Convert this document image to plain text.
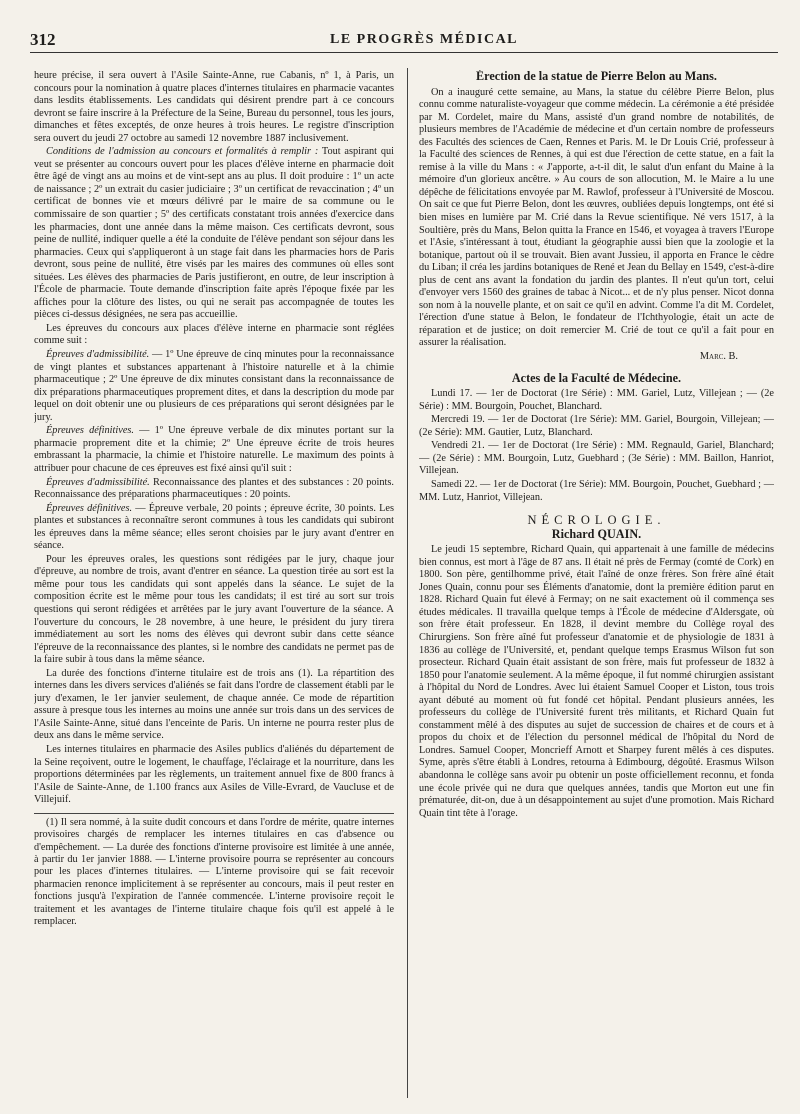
312	LE PROGRÈS MÉDICAL

heure précise, il sera ouvert à l'Asile Sainte-Anne, rue Cabanis, nº 1, à Paris, un concours pour la nomination à quatre places d'internes titulaires en pharmacie vacantes dans lesdits établissements. Les candidats qui désirent prendre part à ce concours devront se faire inscrire à la Préfecture de la Seine, Bureau du personnel, tous les jours, dimanches et fêtes exceptés, de onze heures à trois heures. Le registre d'inscription sera ouvert du jeudi 27 octobre au samedi 12 novembre 1887 inclusivement.

Conditions de l'admission au concours et formalités à remplir : Tout aspirant qui veut se présenter au concours ouvert pour les places d'élève interne en pharmacie doit être âgé de vingt ans au moins et de vint-sept ans au plus. Il doit produire : 1º un acte de naissance ; 2º un extrait du casier judiciaire ; 3º un certificat de revaccination ; 4º un certificat de bonnes vie et mœurs délivré par le maire de sa commune ou le commissaire de son quartier ; 5º des certificats constatant trois années d'exercice dans les pharmacies, dont une année dans la même maison. Ces certificats devront, sous peine de nullité, indiquer quelle a été la conduite de l'élève pendant son séjour dans les pharmacies. Ceux qui s'appliqueront à un stage fait dans les pharmacies hors de Paris devront, sous peine de nullité, être visés par les maires des communes où elles sont situées. Les élèves des pharmacies de Paris justifieront, en outre, de leur inscription à l'École de pharmacie. Toute demande d'inscription faite après l'époque fixée par les affiches pour la clôture des listes, ou qui ne serait pas accompagnée de toutes les pièces ci-dessus désignées, ne sera pas accueillie.

Les épreuves du concours aux places d'élève interne en pharmacie sont réglées comme suit :

Épreuves d'admissibilité. — 1º Une épreuve de cinq minutes pour la reconnaissance de vingt plantes et substances appartenant à l'histoire naturelle et à la chimie pharmaceutique ; 2º Une épreuve de dix minutes consistant dans la reconnaissance de dix préparations pharmaceutiques proprement dites, et dans la description du mode par lequel on doit obtenir une ou plusieurs de ces préparations qui seront désignées par le jury.

Épreuves définitives. — 1º Une épreuve verbale de dix minutes portant sur la pharmacie proprement dite et la chimie; 2º Une épreuve écrite de trois heures embrassant la pharmacie, la chimie et l'histoire naturelle. Le maximum des points à attribuer pour chacune de ces épreuves est fixé ainsi qu'il suit :

Épreuves d'admissibilité. Reconnaissance des plantes et des substances : 20 points. Reconnaissance des préparations pharmaceutiques : 20 points.

Épreuves définitives. — Épreuve verbale, 20 points ; épreuve écrite, 30 points. Les plantes et substances à reconnaître seront communes à tous les candidats qui subiront les épreuves dans la même séance; elles seront choisies par le jury avant d'entrer en séance.

Pour les épreuves orales, les questions sont rédigées par le jury, chaque jour d'épreuve, au nombre de trois, avant d'entrer en séance. La question tirée au sort est la même pour tous les candidats qui sont appelés dans la séance. Le sujet de la composition écrite est le même pour tous les candidats; il est tiré au sort sur trois questions qui seront rédigées et arrêtées par le jury avant l'ouverture de la séance. A l'ouverture du concours, le 28 novembre, à une heure, le président du jury tirera immédiatement au sort les noms des élèves qui devront subir dans cette séance l'épreuve de la reconnaissance des plantes, si le nombre des candidats ne permet pas de la faire subir à tous dans la même séance.

La durée des fonctions d'interne titulaire est de trois ans (1). La répartition des internes dans les divers services d'aliénés se fait dans l'ordre de classement établi par le jury d'examen, le 1er janvier seulement, de chaque année. Ce mode de répartition assure à presque tous les internes au moins une année sur trois dans un des services de l'Asile Sainte-Anne, situé dans l'enceinte de Paris. Un interne ne pourra rester plus de deux ans dans le même service.

Les internes titulaires en pharmacie des Asiles publics d'aliénés du département de la Seine reçoivent, outre le logement, le chauffage, l'éclairage et la nourriture, dans les proportions déterminées par les règlements, un traitement annuel fixe de 800 francs à l'Asile de Sainte-Anne, de 1.100 francs aux Asiles de Ville-Evrard, de Vaucluse et de Villejuif.

(1) Il sera nommé, à la suite dudit concours et dans l'ordre de mérite, quatre internes provisoires chargés de remplacer les internes titulaires en cas d'absence ou d'empêchement. — La durée des fonctions d'interne provisoire est limitée à une année, à partir du 1er janvier 1888. — L'interne provisoire pourra se représenter au concours pour les places d'internes titulaires. — L'interne provisoire qui se fait recevoir pharmacien renonce implicitement à se représenter au concours, mais il peut rester en fonctions jusqu'à l'expiration de l'année commencée. L'interne provisoire reçoit le traitement et les avantages de l'interne titulaire chaque fois qu'il est appelé à le remplacer.

Érection de la statue de Pierre Belon au Mans.

On a inauguré cette semaine, au Mans, la statue du célèbre Pierre Belon, plus connu comme naturaliste-voyageur que comme médecin. La cérémonie a été présidée par M. Cordelet, maire du Mans, assisté d'un grand nombre de notabilités, de plusieurs membres de l'Académie de médecine et d'un certain nombre de professeurs des Facultés des sciences de Caen, Rennes et Paris. M. le Dr Louis Crié, professeur à la Faculté des sciences de Rennes, à qui est due l'érection de cette statue, en a fait la remise à la ville du Mans : « J'apporte, a-t-il dit, le salut d'un enfant du Maine à la mémoire d'un glorieux ancêtre. » Au cours de son allocution, M. le Maire a lu une dépêche de félicitations envoyée par M. Rawlof, professeur à l'Université de Moscou. On sait ce que fut Pierre Belon, dont les œuvres, oubliées depuis longtemps, ont été si bien mises en lumière par M. Crié dans la Revue scientifique. Né vers 1517, à la Soultière, près du Mans, Belon quitta la France en 1546, et voyagea à travers l'Europe et l'Asie, s'intéressant à tout, étudiant la géographie aussi bien que la zoologie et la botanique, partout où il se trouvait. Bien avant Jussieu, il apporta en France le cèdre du Liban; il créa les jardins botaniques de René et Jean du Bellay en 1549, c'est-à-dire plus de cent ans avant la fondation du jardin des plantes. Il n'eut qu'un tort, celui d'envoyer vers 1560 des graines de tabac à Nicot... et de n'y plus penser. Nicot donna son nom à la nouvelle plante, et on sait ce qu'il en advint. Comme l'a dit M. Cordelet, l'érection d'une statue à Belon, le fondateur de l'Ichthyologie, était un acte de réparation et de justice; on doit remercier M. Crié de tout ce qu'il a fait pour en assurer la réalisation.

Marc. B.

Actes de la Faculté de Médecine.

Lundi 17. — 1er de Doctorat (1re Série) : MM. Gariel, Lutz, Villejean ; — (2e Série) : MM. Bourgoin, Pouchet, Blanchard.

Mercredi 19. — 1er de Doctorat (1re Série): MM. Gariel, Bourgoin, Villejean; — (2e Série): MM. Gautier, Lutz, Blanchard.

Vendredi 21. — 1er de Doctorat (1re Série) : MM. Regnauld, Gariel, Blanchard; — (2e Série) : MM. Bourgoin, Lutz, Guebhard ; (3e Série) : MM. Baillon, Hanriot, Villejean.

Samedi 22. — 1er de Doctorat (1re Série): MM. Bourgoin, Pouchet, Guebhard ; — MM. Lutz, Hanriot, Villejean.

NÉCROLOGIE.
Richard QUAIN.

Le jeudi 15 septembre, Richard Quain, qui appartenait à une famille de médecins bien connus, est mort à l'âge de 87 ans. Il était né près de Fermay (comté de Cork) en 1800. Son père, gentilhomme privé, était l'aîné de onze frères. Son frère aîné était Jones Quain, connu pour ses Éléments d'anatomie, dont la première édition parut en 1828. Richard Quain fut élevé à Fermay; on ne sait exactement où il commença ses études médicales. Il travailla quelque temps à l'École de médecine d'Aldersgate, où son frère était professeur. En 1828, il devint membre du Collège royal des Chirurgiens. Son frère aîné fut professeur d'anatomie et de physiologie de 1831 à 1836 au collège de l'Université, et, pendant quelque temps Erasmus Wilson fut son prosecteur. Richard Quain était assistant de son frère, mais fut professeur de 1832 à 1850 pour l'anatomie seulement. A la même époque, il fut nommé chirurgien assistant à l'hôpital du Nord de Londres. Avec lui étaient Samuel Cooper et Liston, tous trois ayant débuté au moment où fut fondé cet hôpital. Pendant plusieurs années, les professeurs du collège de l'Université furent très militants, et Richard Quain fut constamment mêlé à des disputes au sujet de succession de chaires et de cours et à propos du choix et de l'élection du personnel médical de l'hôpital du Nord de Londres. Samuel Cooper, Moncrieff Arnott et Sharpey furent mêlés à ces disputes. Syme, après s'être établi à Londres, retourna à Edimbourg, dégoûté. Erasmus Wilson abandonna le collège sans avoir pu obtenir un poste officiellement reconnu, et fonda une école privée qui ne dura que quelques années, tandis que Morton eut une fin prématurée, dit-on, due à un désappointement au sujet d'une promotion. Mais Richard Quain tint tête à l'orage.
